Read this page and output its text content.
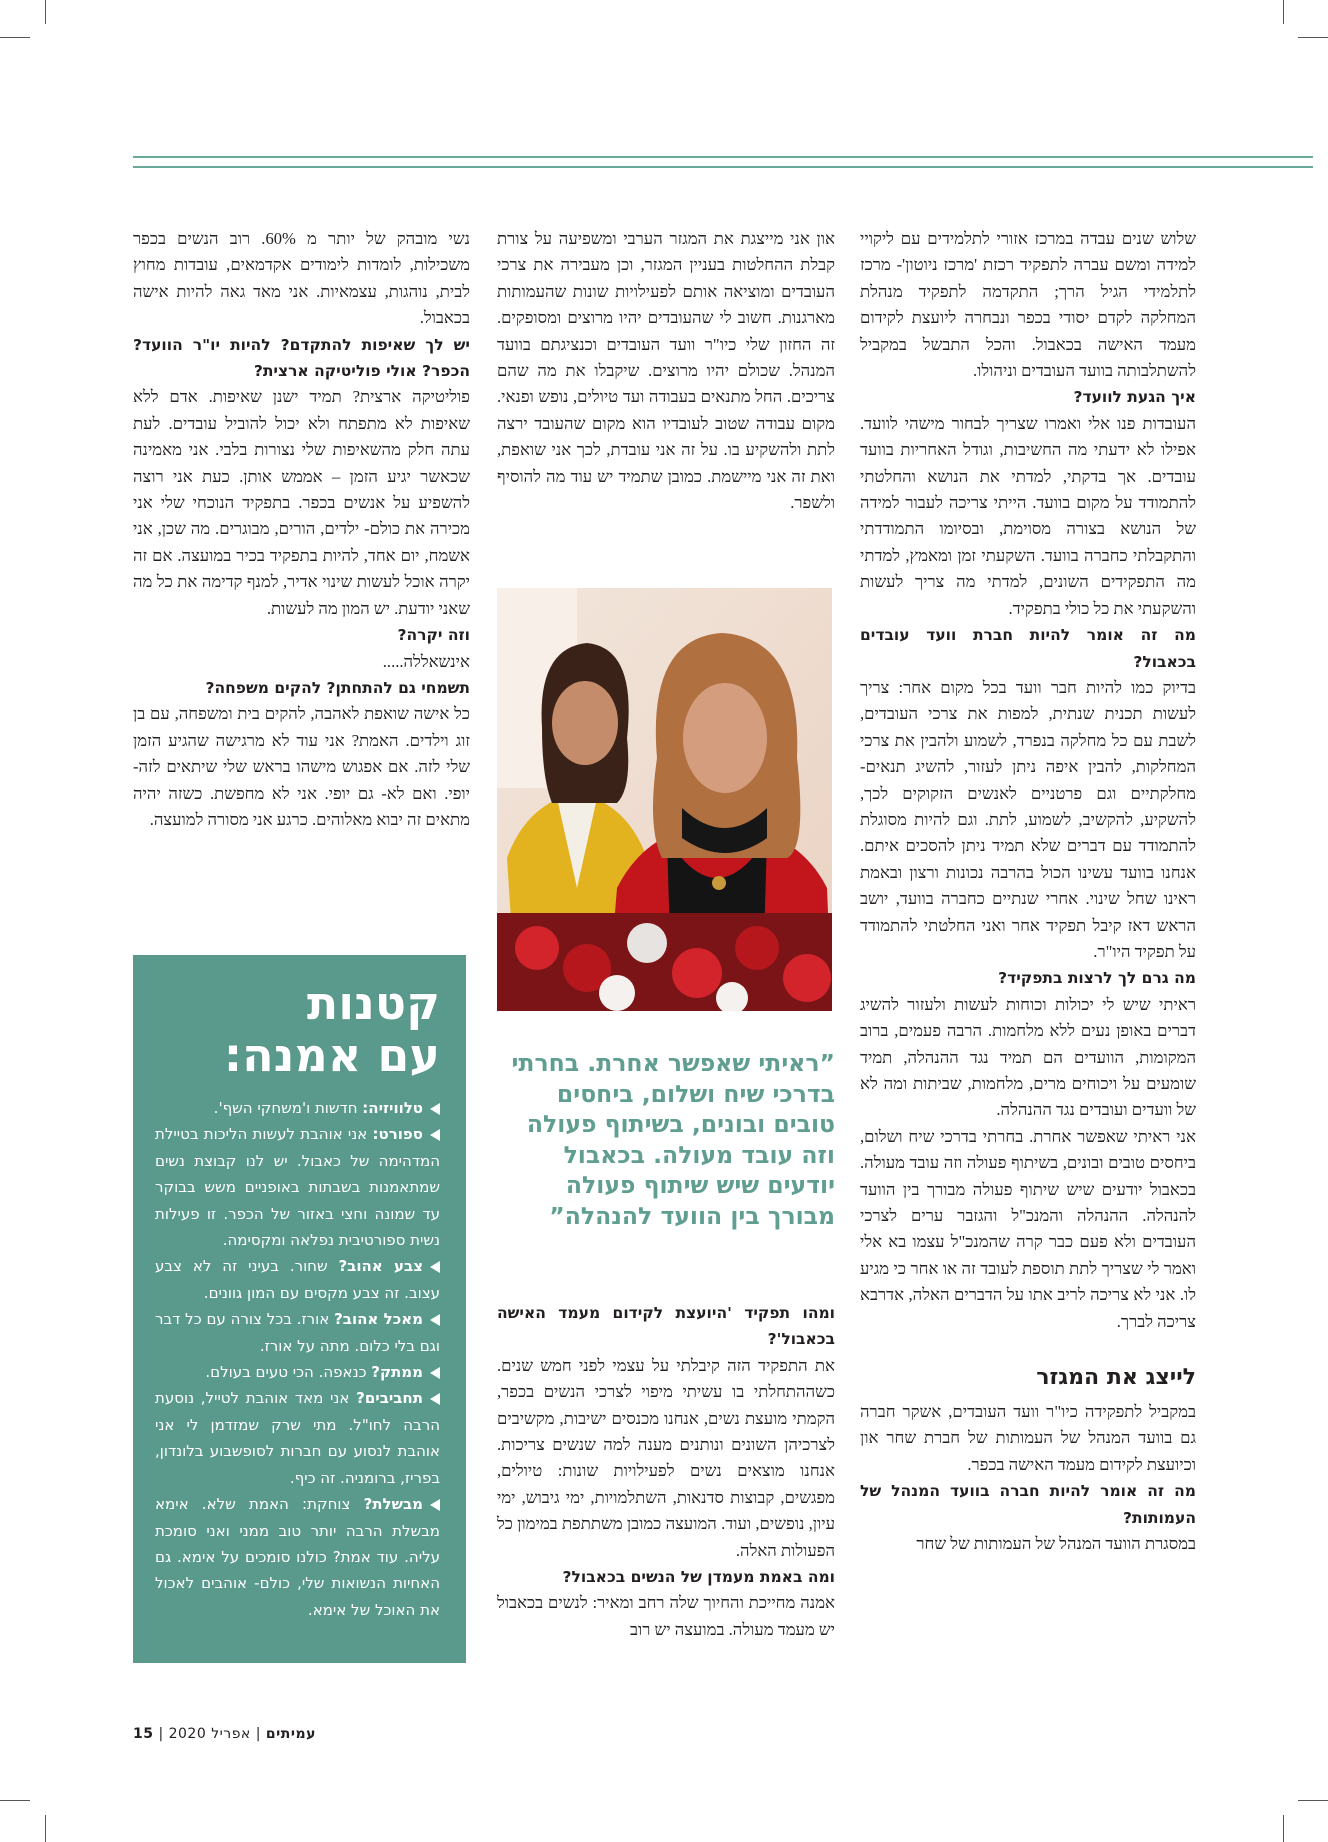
שלוש שנים עבדה במרכז אזורי לתלמידים עם ליקויי למידה ומשם עברה לתפקיד רכזת 'מרכז ניוטון'- מרכז לתלמידי הגיל הרך; התקדמה לתפקיד מנהלת המחלקה לקדם יסודי בכפר ונבחרה ליועצת לקידום מעמד האישה בכאבול. והכל התבשל במקביל להשתלבותה בוועד העובדים וניהולו.

איך הגעת לוועד?

העובדות פנו אלי ואמרו שצריך לבחור מישהי לוועד. אפילו לא ידעתי מה החשיבות, וגודל האחריות בוועד עובדים. אך בדקתי, למדתי את הנושא והחלטתי להתמודד על מקום בוועד. הייתי צריכה לעבור למידה של הנושא בצורה מסוימת, ובסיומו התמודדתי והתקבלתי כחברה בוועד. השקעתי זמן ומאמץ, למדתי מה התפקידים השונים, למדתי מה צריך לעשות והשקעתי את כל כולי בתפקיד.

מה זה אומר להיות חברת וועד עובדים בכאבול?

בדיוק כמו להיות חבר וועד בכל מקום אחר: צריך לעשות תכנית שנתית, למפות את צרכי העובדים, לשבת עם כל מחלקה בנפרד, לשמוע ולהבין את צרכי המחלקות, להבין איפה ניתן לעזור, להשיג תנאים- מחלקתיים וגם פרטניים לאנשים הזקוקים לכך, להשקיע, להקשיב, לשמוע, לתת. וגם להיות מסוגלת להתמודד עם דברים שלא תמיד ניתן להסכים איתם. אנחנו בוועד עשינו הכול בהרבה נכונות ורצון ובאמת ראינו שחל שינוי. אחרי שנתיים כחברה בוועד, יושב הראש דאז קיבל תפקיד אחר ואני החלטתי להתמודד על תפקיד היו"ר.

מה גרם לך לרצות בתפקיד?

ראיתי שיש לי יכולות וכוחות לעשות ולעזור להשיג דברים באופן נעים ללא מלחמות. הרבה פעמים, ברוב המקומות, הוועדים הם תמיד נגד ההנהלה, תמיד שומעים על ויכוחים מרים, מלחמות, שביתות ומה לא של וועדים ועובדים נגד ההנהלה.

אני ראיתי שאפשר אחרת. בחרתי בדרכי שיח ושלום, ביחסים טובים ובונים, בשיתוף פעולה וזה עובד מעולה. בכאבול יודעים שיש שיתוף פעולה מבורך בין הוועד להנהלה. ההנהלה והמנכ"ל והגזבר ערים לצרכי העובדים ולא פעם כבר קרה שהמנכ"ל עצמו בא אלי ואמר לי שצריך לתת תוספת לעובד זה או אחר כי מגיע לו. אני לא צריכה לריב אתו על הדברים האלה, אדרבא צריכה לברך.

לייצג את המגזר

במקביל לתפקידה כיו"ר וועד העובדים, אשקר חברה גם בוועד המנהל של העמותות של חברת שחר און וכיועצת לקידום מעמד האישה בכפר.

מה זה אומר להיות חברה בוועד המנהל של העמותות?

במסגרת הוועד המנהל של העמותות של שחר

און אני מייצגת את המגזר הערבי ומשפיעה על צורת קבלת ההחלטות בעניין המגזר, וכן מעבירה את צרכי העובדים ומוציאה אותם לפעילויות שונות שהעמותות מארגנות. חשוב לי שהעובדים יהיו מרוצים ומסופקים. זה החזון שלי כיו"ר וועד העובדים וכנציגתם בוועד המנהל. שכולם יהיו מרוצים. שיקבלו את מה שהם צריכים. החל מתנאים בעבודה ועד טיולים, נופש ופנאי. מקום עבודה שטוב לעובדיו הוא מקום שהעובד ירצה לתת ולהשקיע בו. על זה אני עובדת, לכך אני שואפת, ואת זה אני מיישמת. כמובן שתמיד יש עוד מה להוסיף ולשפר.

”ראיתי שאפשר אחרת. בחרתי בדרכי שיח ושלום, ביחסים טובים ובונים, בשיתוף פעולה וזה עובד מעולה. בכאבול יודעים שיש שיתוף פעולה מבורך בין הוועד להנהלה”
ומהו תפקיד 'היועצת לקידום מעמד האישה בכאבול'?

את התפקיד הזה קיבלתי על עצמי לפני חמש שנים. כשההתחלתי בו עשיתי מיפוי לצרכי הנשים בכפר, הקמתי מועצת נשים, אנחנו מכנסים ישיבות, מקשיבים לצרכיהן השונים ונותנים מענה למה שנשים צריכות. אנחנו מוצאים נשים לפעילויות שונות: טיולים, מפגשים, קבוצות סדנאות, השתלמויות, ימי גיבוש, ימי עיון, נופשים, ועוד. המועצה כמובן משתתפת במימון כל הפעולות האלה.

ומה באמת מעמדן של הנשים בכאבול?

אמנה מחייכת והחיוך שלה רחב ומאיר: לנשים בכאבול יש מעמד מעולה. במועצה יש רוב

נשי מובהק של יותר מ 60%. רוב הנשים בכפר משכילות, לומדות לימודים אקדמאים, עובדות מחוץ לבית, נוהגות, עצמאיות. אני מאד גאה להיות אישה בכאבול.

יש לך שאיפות להתקדם? להיות יו"ר הוועד? הכפר? אולי פוליטיקה ארצית?

פוליטיקה ארצית? תמיד ישנן שאיפות. אדם ללא שאיפות לא מתפתח ולא יכול להוביל עובדים. לעת עתה חלק מהשאיפות שלי נצורות בלבי. אני מאמינה שכאשר יגיע הזמן – אממש אותן. כעת אני רוצה להשפיע על אנשים בכפר. בתפקיד הנוכחי שלי אני מכירה את כולם- ילדים, הורים, מבוגרים. מה שכן, אני אשמח, יום אחד, להיות בתפקיד בכיר במועצה. אם זה יקרה אוכל לעשות שינוי אדיר, למנף קדימה את כל מה שאני יודעת. יש המון מה לעשות.

וזה יקרה?

אינשאללה.....

תשמחי גם להתחתן? להקים משפחה?

כל אישה שואפת לאהבה, להקים בית ומשפחה, עם בן זוג וילדים. האמת? אני עוד לא מרגישה שהגיע הזמן שלי לזה. אם אפגוש מישהו בראש שלי שיתאים לזה- יופי. ואם לא- גם יופי. אני לא מחפשת. כשזה יהיה מתאים זה יבוא מאלוהים. כרגע אני מסורה למועצה.

קטנות
עם אמנה:
טלוויזיה: חדשות ו'משחקי השף'.
ספורט: אני אוהבת לעשות הליכות בטיילת המדהימה של כאבול. יש לנו קבוצת נשים שמתאמנות בשבתות באופניים משש בבוקר עד שמונה וחצי באזור של הכפר. זו פעילות נשית ספורטיבית נפלאה ומקסימה.
צבע אהוב? שחור. בעיני זה לא צבע עצוב. זה צבע מקסים עם המון גוונים.
מאכל אהוב? אורז. בכל צורה עם כל דבר וגם בלי כלום. מתה על אורז.
ממתק? כנאפה. הכי טעים בעולם.
תחביבים? אני מאד אוהבת לטייל, נוסעת הרבה לחו"ל. מתי שרק שמזדמן לי אני אוהבת לנסוע עם חברות לסופשבוע בלונדון, בפריז, ברומניה. זה כיף.
מבשלת? צוחקת: האמת שלא. אימא מבשלת הרבה יותר טוב ממני ואני סומכת עליה. עוד אמת? כולנו סומכים על אימא. גם האחיות הנשואות שלי, כולם- אוהבים לאכול את האוכל של אימא.
עמיתים | אפריל 2020 | 15
